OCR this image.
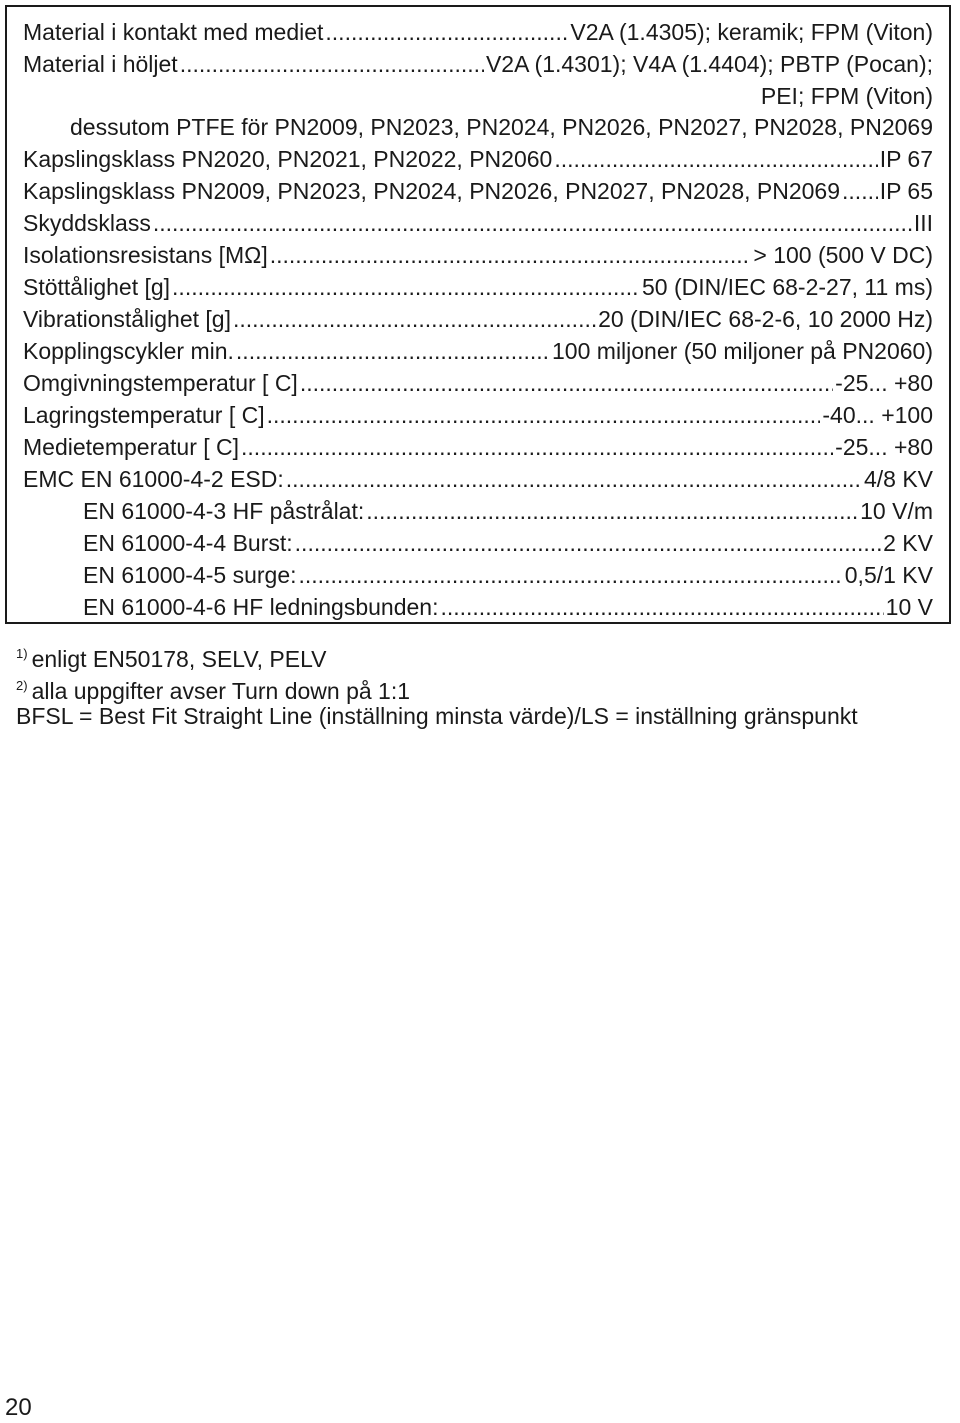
Material i kontakt med mediet .....	V2A (1.4305); keramik; FPM (Viton)
Material i höljet .....	V2A (1.4301); V4A (1.4404); PBTP (Pocan);
PEI; FPM (Viton)
dessutom PTFE för PN2009, PN2023, PN2024, PN2026, PN2027, PN2028, PN2069
Kapslingsklass PN2020, PN2021, PN2022, PN2060 .....	IP 67
Kapslingsklass PN2009, PN2023, PN2024, PN2026, PN2027, PN2028, PN2069 ..... IP 65
Skyddsklass .....	III
Isolationsresistans [MΩ] .....	> 100 (500 V DC)
Stöttålighet [g] .....	50 (DIN/IEC 68-2-27, 11 ms)
Vibrationstålighet [g] .....	20 (DIN/IEC 68-2-6, 10 2000 Hz)
Kopplingscykler min. .....	100 miljoner (50 miljoner på PN2060)
Omgivningstemperatur [ C] .....	-25... +80
Lagringstemperatur [ C] .....	-40... +100
Medietemperatur [ C] .....	-25... +80
EMC EN 61000-4-2 ESD: .....	4/8 KV
EN 61000-4-3 HF påstrålat: .....	10 V/m
EN 61000-4-4 Burst: .....	2 KV
EN 61000-4-5 surge: .....	0,5/1 KV
EN 61000-4-6 HF ledningsbunden: .....	10 V
$^{1)}$ enligt EN50178, SELV, PELV
$^{2)}$ alla uppgifter avser Turn down på 1:1
BFSL = Best Fit Straight Line (inställning minsta värde)/LS = inställning gränspunkt
20
